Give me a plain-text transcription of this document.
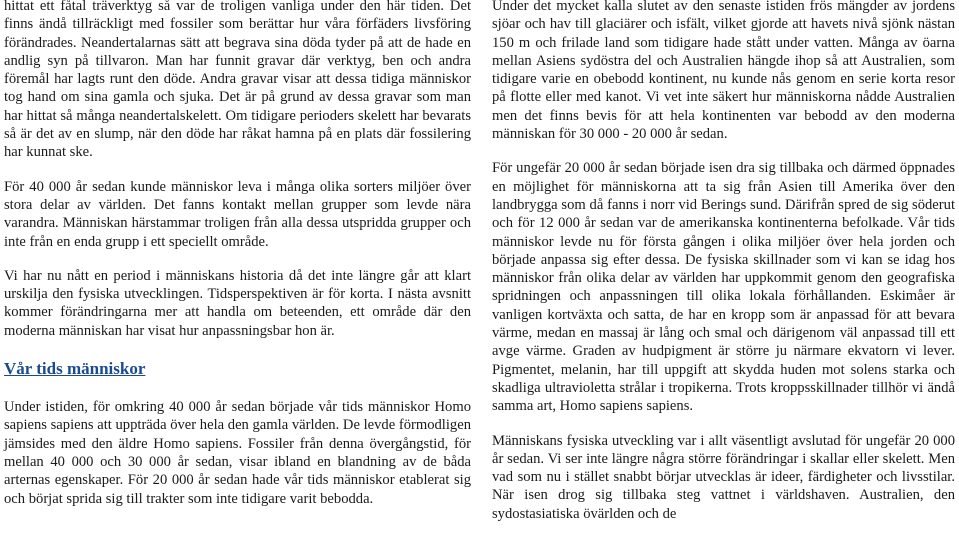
hittat ett fåtal träverktyg så var de troligen vanliga under den här tiden. Det finns ändå tillräckligt med fossiler som berättar hur våra förfäders livsföring förändrades. Neandertalarnas sätt att begrava sina döda tyder på att de hade en andlig syn på tillvaron. Man har funnit gravar där verktyg, ben och andra föremål har lagts runt den döde. Andra gravar visar att dessa tidiga människor tog hand om sina gamla och sjuka. Det är på grund av dessa gravar som man har hittat så många neandertalskelett. Om tidigare perioders skelett har bevarats så är det av en slump, när den döde har råkat hamna på en plats där fossilering har kunnat ske.

För 40 000 år sedan kunde människor leva i många olika sorters miljöer över stora delar av världen. Det fanns kontakt mellan grupper som levde nära varandra. Människan härstammar troligen från alla dessa utspridda grupper och inte från en enda grupp i ett speciellt område.

Vi har nu nått en period i människans historia då det inte längre går att klart urskilja den fysiska utvecklingen. Tidsperspektiven är för korta. I nästa avsnitt kommer förändringarna mer att handla om beteenden, ett område där den moderna människan har visat hur anpassningsbar hon är.

Vår tids människor

Under istiden, för omkring 40 000 år sedan började vår tids människor Homo sapiens sapiens att uppträda över hela den gamla världen. De levde förmodligen jämsides med den äldre Homo sapiens. Fossiler från denna övergångstid, för mellan 40 000 och 30 000 år sedan, visar ibland en blandning av de båda arternas egenskaper. För 20 000 år sedan hade vår tids människor etablerat sig och börjat sprida sig till trakter som inte tidigare varit bebodda.

Under det mycket kalla slutet av den senaste istiden frös mängder av jordens sjöar och hav till glaciärer och isfält, vilket gjorde att havets nivå sjönk nästan 150 m och frilade land som tidigare hade stått under vatten. Många av öarna mellan Asiens sydöstra del och Australien hängde ihop så att Australien, som tidigare varie en obebodd kontinent, nu kunde nås genom en serie korta resor på flotte eller med kanot. Vi vet inte säkert hur människorna nådde Australien men det finns bevis för att hela kontinenten var bebodd av den moderna människan för 30 000 - 20 000 år sedan.

För ungefär 20 000 år sedan började isen dra sig tillbaka och därmed öppnades en möjlighet för människorna att ta sig från Asien till Amerika över den landbrygga som då fanns i norr vid Berings sund. Därifrån spred de sig söderut och för 12 000 år sedan var de amerikanska kontinenterna befolkade. Vår tids människor levde nu för första gången i olika miljöer över hela jorden och började anpassa sig efter dessa. De fysiska skillnader som vi kan se idag hos människor från olika delar av världen har uppkommit genom den geografiska spridningen och anpassningen till olika lokala förhållanden. Eskimåer är vanligen kortväxta och satta, de har en kropp som är anpassad för att bevara värme, medan en massaj är lång och smal och därigenom väl anpassad till ett avge värme. Graden av hudpigment är större ju närmare ekvatorn vi lever. Pigmentet, melanin, har till uppgift att skydda huden mot solens starka och skadliga ultravioletta strålar i tropikerna. Trots kroppsskillnader tillhör vi ändå samma art, Homo sapiens sapiens.

Människans fysiska utveckling var i allt väsentligt avslutad för ungefär 20 000 år sedan. Vi ser inte längre några större förändringar i skallar eller skelett. Men vad som nu i stället snabbt börjar utvecklas är ideer, färdigheter och livsstilar. När isen drog sig tillbaka steg vattnet i världshaven. Australien, den sydostasiatiska övärlden och de
